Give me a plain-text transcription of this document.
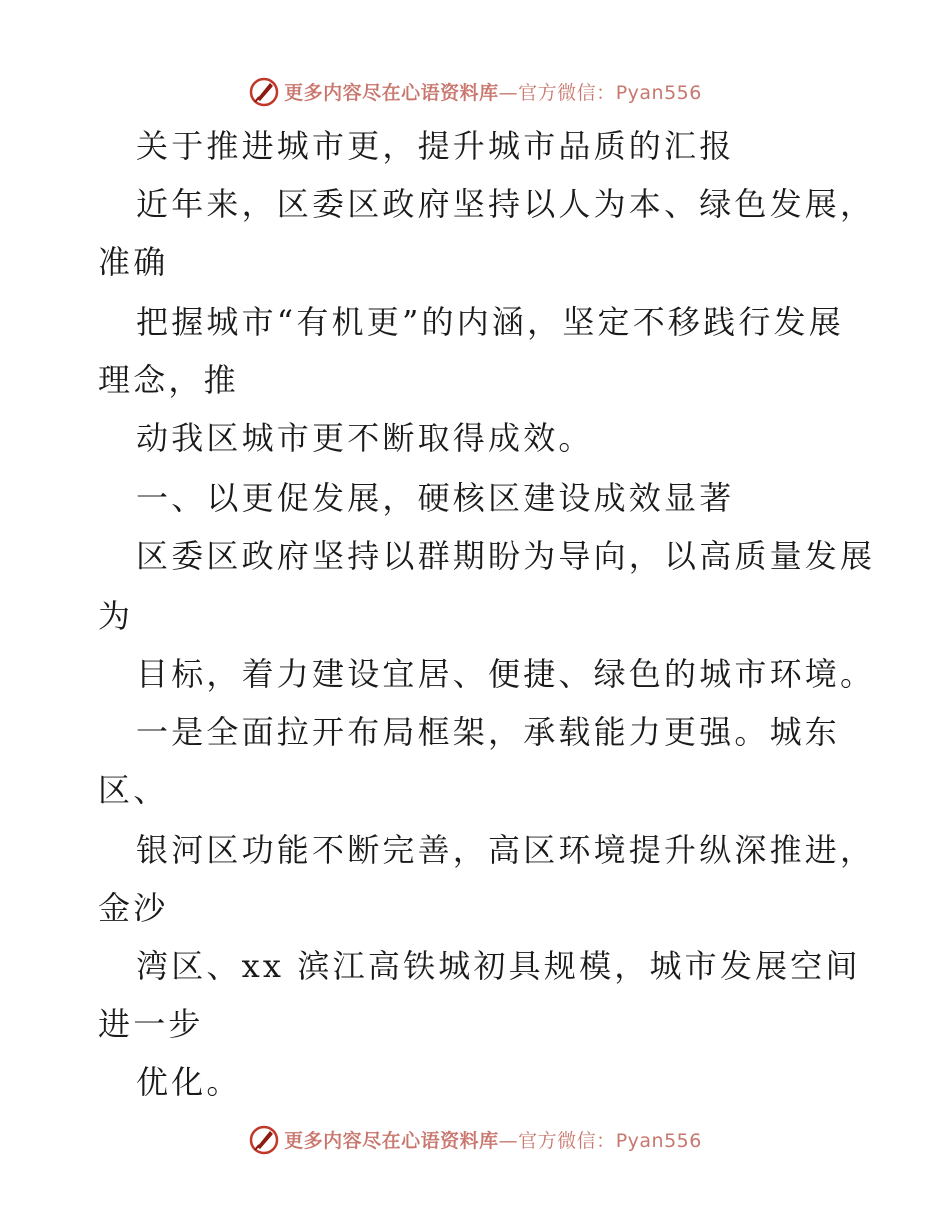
更多内容尽在心语资料库—官方微信：Pyan556
关于推进城市更，提升城市品质的汇报
近年来，区委区政府坚持以人为本、绿色发展，
准确
把握城市“有机更”的内涵，坚定不移践行发展
理念，推
动我区城市更不断取得成效。
一、以更促发展，硬核区建设成效显著
区委区政府坚持以群期盼为导向，以高质量发展
为
目标，着力建设宜居、便捷、绿色的城市环境。
一是全面拉开布局框架，承载能力更强。城东
区、
银河区功能不断完善，高区环境提升纵深推进，
金沙
湾区、xx 滨江高铁城初具规模，城市发展空间
进一步
优化。
更多内容尽在心语资料库—官方微信：Pyan556
